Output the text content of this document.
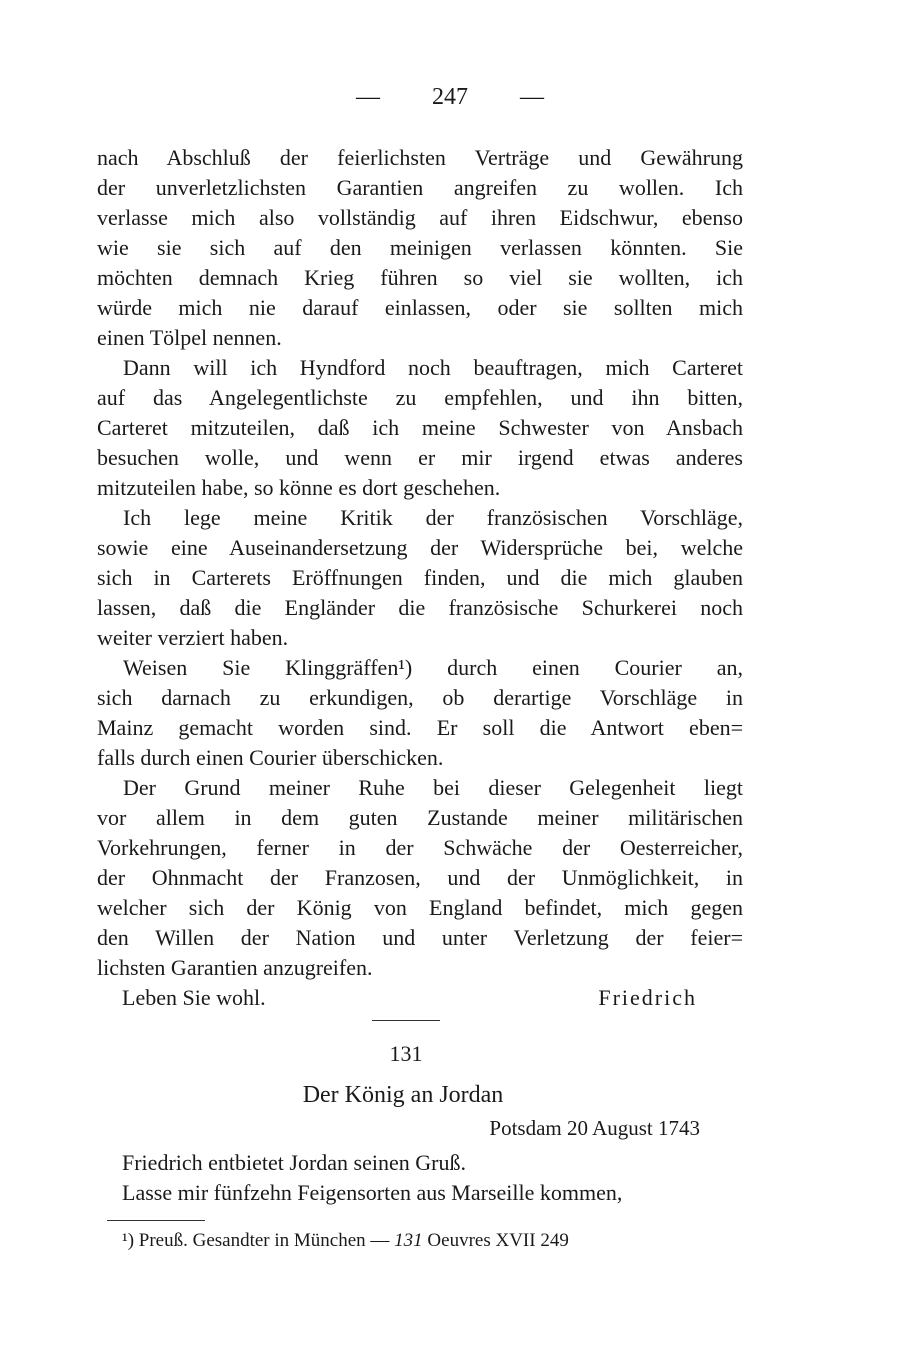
— 247 —
nach Abschluß der feierlichsten Verträge und Gewährung
der unverletzlichsten Garantien angreifen zu wollen. Ich
verlasse mich also vollständig auf ihren Eidschwur, ebenso
wie sie sich auf den meinigen verlassen könnten. Sie
möchten demnach Krieg führen so viel sie wollten, ich
würde mich nie darauf einlassen, oder sie sollten mich
einen Tölpel nennen.
Dann will ich Hyndford noch beauftragen, mich Carteret
auf das Angelegentlichste zu empfehlen, und ihn bitten,
Carteret mitzuteilen, daß ich meine Schwester von Ansbach
besuchen wolle, und wenn er mir irgend etwas anderes
mitzuteilen habe, so könne es dort geschehen.
Ich lege meine Kritik der französischen Vorschläge,
sowie eine Auseinandersetzung der Widersprüche bei, welche
sich in Carterets Eröffnungen finden, und die mich glauben
lassen, daß die Engländer die französische Schurkerei noch
weiter verziert haben.
Weisen Sie Klinggräffen¹) durch einen Courier an,
sich darnach zu erkundigen, ob derartige Vorschläge in
Mainz gemacht worden sind. Er soll die Antwort eben=
falls durch einen Courier überschicken.
Der Grund meiner Ruhe bei dieser Gelegenheit liegt
vor allem in dem guten Zustande meiner militärischen
Vorkehrungen, ferner in der Schwäche der Oesterreicher,
der Ohnmacht der Franzosen, und der Unmöglichkeit, in
welcher sich der König von England befindet, mich gegen
den Willen der Nation und unter Verletzung der feier=
lichsten Garantien anzugreifen.
Leben Sie wohl.	Friedrich
131
Der König an Jordan
Potsdam 20 August 1743
Friedrich entbietet Jordan seinen Gruß.
Lasse mir fünfzehn Feigensorten aus Marseille kommen,
¹) Preuß. Gesandter in München — 131 Oeuvres XVII 249
